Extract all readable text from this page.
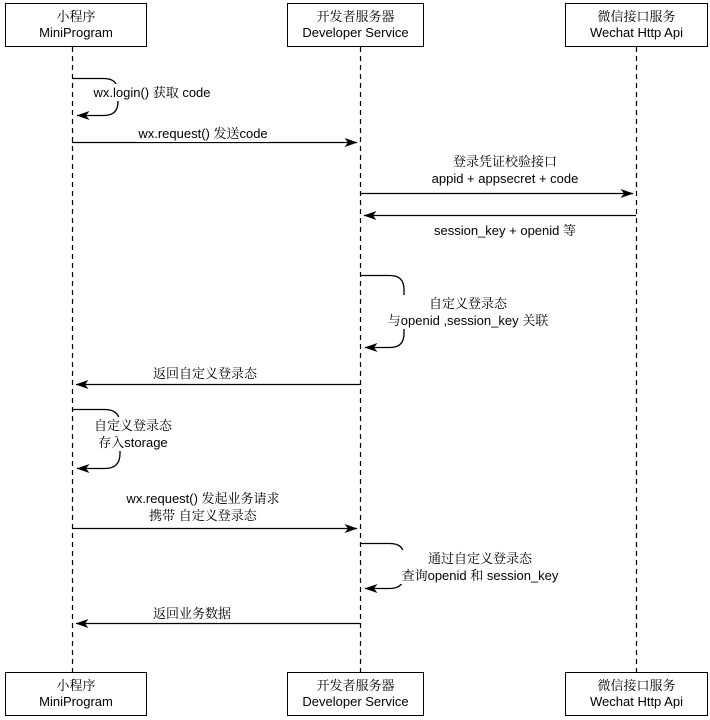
小程序
MiniProgram
开发者服务器
Developer Service
微信接口服务
Wechat Http Api
小程序
MiniProgram
开发者服务器
Developer Service
微信接口服务
Wechat Http Api
wx.login() 获取 code
wx.request() 发送code
登录凭证校验接口
appid + appsecret + code
session_key + openid 等
自定义登录态
与openid ,session_key 关联
返回自定义登录态
自定义登录态
存入storage
wx.request() 发起业务请求
携带 自定义登录态
通过自定义登录态
查询openid 和 session_key
返回业务数据
